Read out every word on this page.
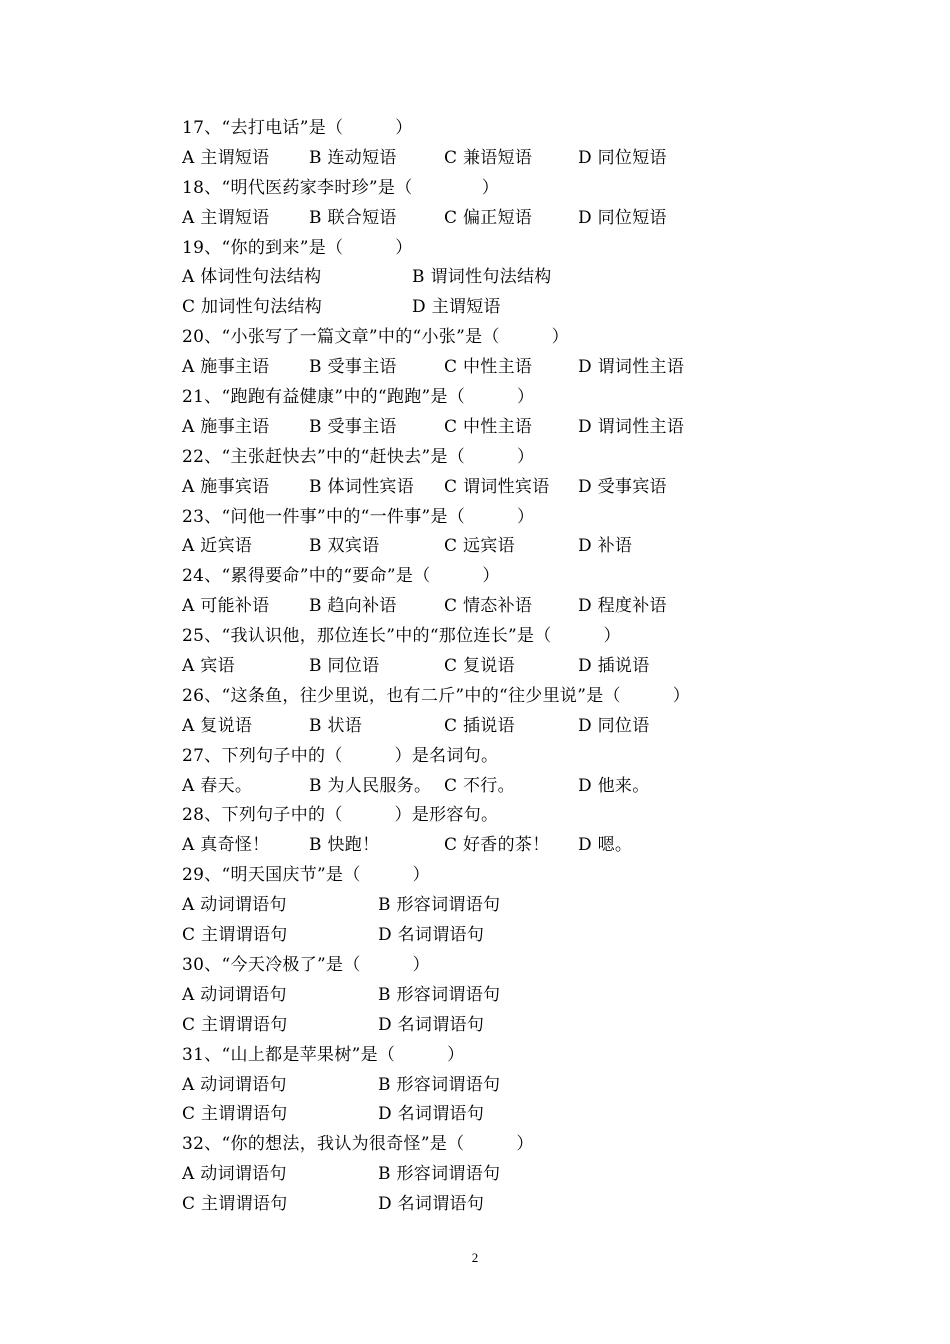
17、“去打电话”是（　　　）
A 主谓短语 B 连动短语	C 兼语短语	D 同位短语
18、“明代医药家李时珍”是（　　　　）
A 主谓短语 B 联合短语	C 偏正短语	D 同位短语
19、“你的到来”是（　　　）
A 体词性句法结构	B 谓词性句法结构
C 加词性句法结构	D 主谓短语
20、“小张写了一篇文章”中的“小张”是（　　　）
A 施事主语 B 受事主语	C 中性主语	D 谓词性主语
21、“跑跑有益健康”中的“跑跑”是（　　　）
A 施事主语 B 受事主语	C 中性主语	D 谓词性主语
22、“主张赶快去”中的“赶快去”是（　　　）
A 施事宾语 B 体词性宾语 C 谓词性宾语 D 受事宾语
23、“问他一件事”中的“一件事”是（　　　）
A 近宾语	B 双宾语	C 远宾语	D 补语
24、“累得要命”中的“要命”是（　　　）
A 可能补语 B 趋向补语	C 情态补语	D 程度补语
25、“我认识他，那位连长”中的“那位连长”是（　　　）
A 宾语	B 同位语	C 复说语	D 插说语
26、“这条鱼，往少里说，也有二斤”中的“往少里说”是（　　　）
A 复说语	B 状语	C 插说语	D 同位语
27、下列句子中的（　　　）是名词句。
A 春天。	B 为人民服务。 C 不行。	D 他来。
28、下列句子中的（　　　）是形容句。
A 真奇怪！ B 快跑！	C 好香的茶！ D 嗯。
29、“明天国庆节”是（　　　）
A 动词谓语句	B 形容词谓语句
C 主谓谓语句	D 名词谓语句
30、“今天冷极了”是（　　　）
A 动词谓语句	B 形容词谓语句
C 主谓谓语句	D 名词谓语句
31、“山上都是苹果树”是（　　　）
A 动词谓语句	B 形容词谓语句
C 主谓谓语句	D 名词谓语句
32、“你的想法，我认为很奇怪”是（　　　）
A 动词谓语句	B 形容词谓语句
C 主谓谓语句	D 名词谓语句
2
